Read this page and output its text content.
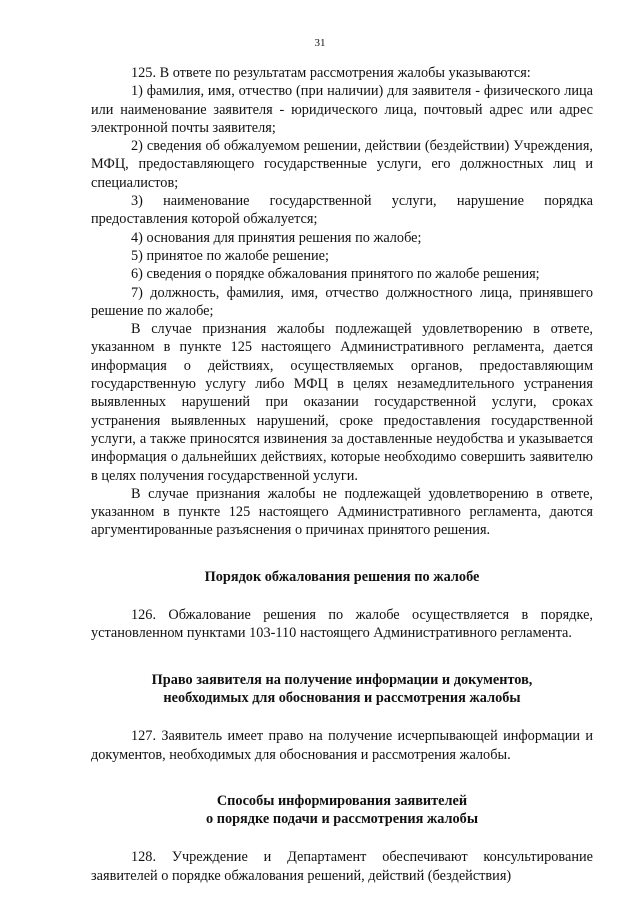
31

125. В ответе по результатам рассмотрения жалобы указываются:

1) фамилия, имя, отчество (при наличии) для заявителя - физического лица или наименование заявителя - юридического лица, почтовый адрес или адрес электронной почты заявителя;

2) сведения об обжалуемом решении, действии (бездействии) Учреждения, МФЦ, предоставляющего государственные услуги, его должностных лиц и специалистов;

3) наименование государственной услуги, нарушение порядка предоставления которой обжалуется;

4) основания для принятия решения по жалобе;

5) принятое по жалобе решение;

6) сведения о порядке обжалования принятого по жалобе решения;

7) должность, фамилия, имя, отчество должностного лица, принявшего решение по жалобе;

В случае признания жалобы подлежащей удовлетворению в ответе, указанном в пункте 125 настоящего Административного регламента, дается информация о действиях, осуществляемых органов, предоставляющим государственную услугу либо МФЦ в целях незамедлительного устранения выявленных нарушений при оказании государственной услуги, сроках устранения выявленных нарушений, сроке предоставления государственной услуги, а также приносятся извинения за доставленные неудобства и указывается информация о дальнейших действиях, которые необходимо совершить заявителю в целях получения государственной услуги.

В случае признания жалобы не подлежащей удовлетворению в ответе, указанном в пункте 125 настоящего Административного регламента, даются аргументированные разъяснения о причинах принятого решения.

Порядок обжалования решения по жалобе

126. Обжалование решения по жалобе осуществляется в порядке, установленном пунктами 103-110 настоящего Административного регламента.

Право заявителя на получение информации и документов,
необходимых для обоснования и рассмотрения жалобы

127. Заявитель имеет право на получение исчерпывающей информации и документов, необходимых для обоснования и рассмотрения жалобы.

Способы информирования заявителей
о порядке подачи и рассмотрения жалобы

128. Учреждение и Департамент обеспечивают консультирование заявителей о порядке обжалования решений, действий (бездействия)
